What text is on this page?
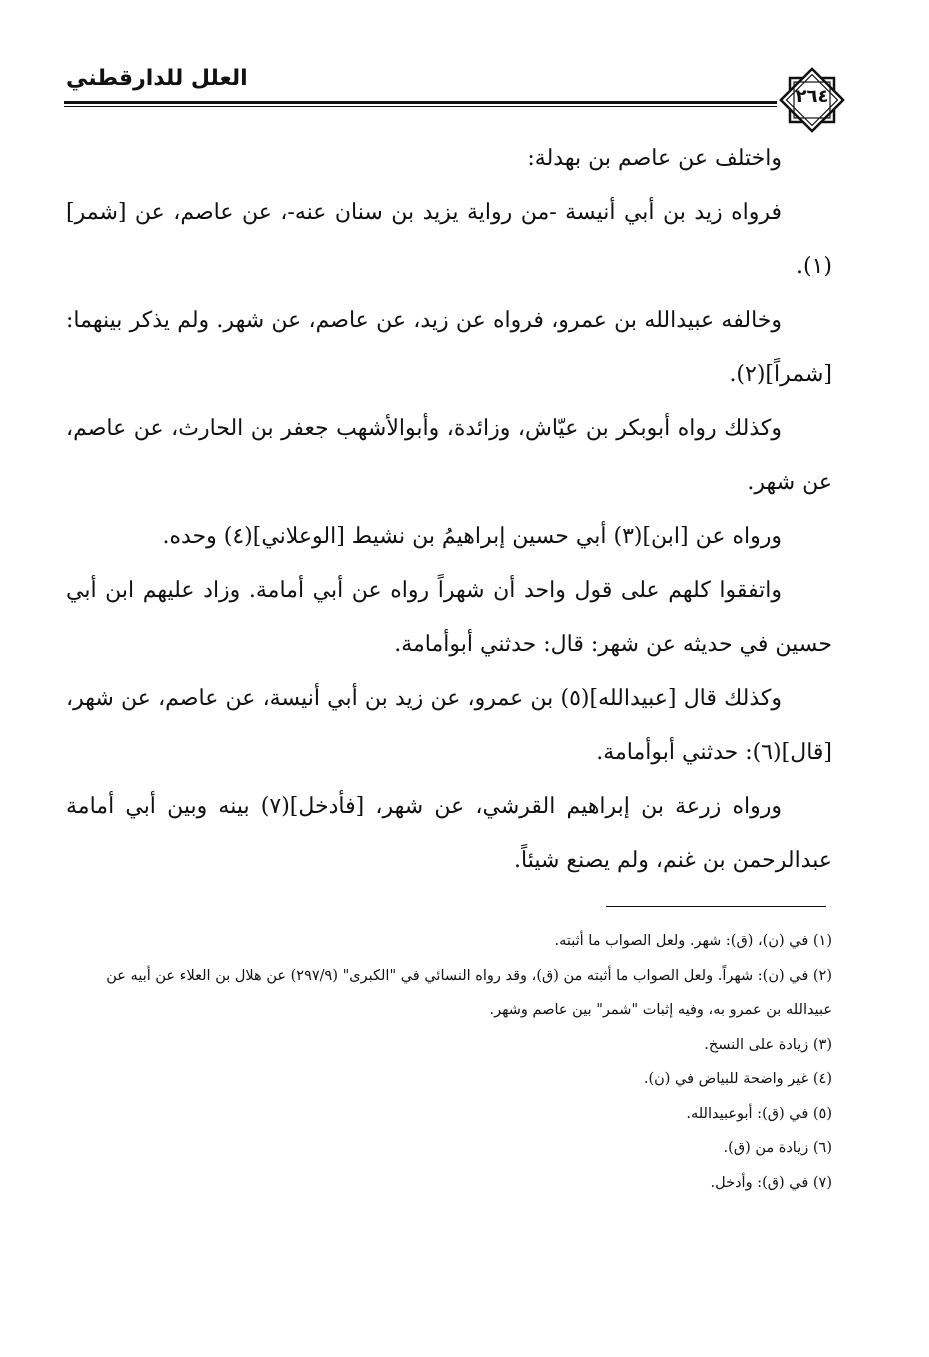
العلل للدارقطني
٢٦٤

واختلف عن عاصم بن بهدلة:

فرواه زيد بن أبي أنيسة -من رواية يزيد بن سنان عنه-، عن عاصم، عن [شمر](١).

وخالفه عبيدالله بن عمرو، فرواه عن زيد، عن عاصم، عن شهر. ولم يذكر بينهما: [شمراً](٢).

وكذلك رواه أبوبكر بن عيّاش، وزائدة، وأبوالأشهب جعفر بن الحارث، عن عاصم، عن شهر.

ورواه عن [ابن](٣) أبي حسين إبراهيمُ بن نشيط [الوعلاني](٤) وحده.

واتفقوا كلهم على قول واحد أن شهراً رواه عن أبي أمامة. وزاد عليهم ابن أبي حسين في حديثه عن شهر: قال: حدثني أبوأمامة.

وكذلك قال [عبيدالله](٥) بن عمرو، عن زيد بن أبي أنيسة، عن عاصم، عن شهر، [قال](٦): حدثني أبوأمامة.

ورواه زرعة بن إبراهيم القرشي، عن شهر، [فأدخل](٧) بينه وبين أبي أمامة عبدالرحمن بن غنم، ولم يصنع شيئاً.

(١) في (ن)، (ق): شهر. ولعل الصواب ما أثبته.

(٢) في (ن): شهراً. ولعل الصواب ما أثبته من (ق)، وقد رواه النسائي في "الكبرى" (٢٩٧/٩) عن هلال بن العلاء عن أبيه عن عبيدالله بن عمرو به، وفيه إثبات "شمر" بين عاصم وشهر.

(٣) زيادة على النسخ.

(٤) غير واضحة للبياض في (ن).

(٥) في (ق): أبوعبيدالله.

(٦) زيادة من (ق).

(٧) في (ق): وأدخل.
